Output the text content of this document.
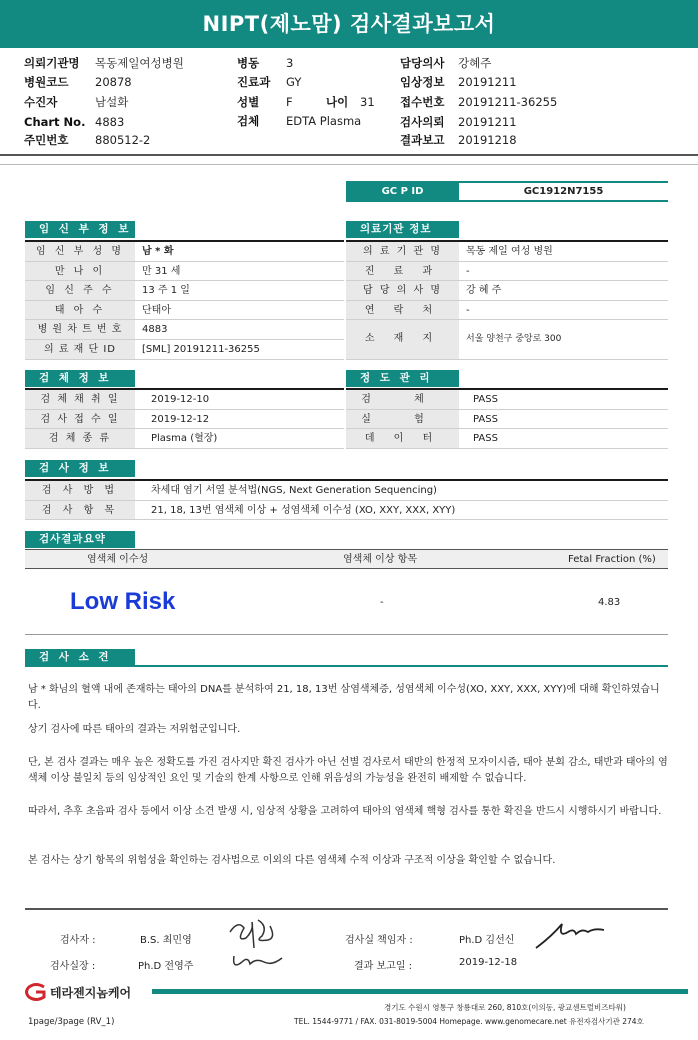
NIPT(제노맘) 검사결과보고서
의뢰기관명 목동제일여성병원
병원코드 20878
수진자	남설화
Chart No. 4883
주민번호 880512-2
병동 3
진료과 GY
성별 F	나이 31
검체 EDTA Plasma
담당의사 강혜주
임상정보 20191211
접수번호 20191211-36255
검사의뢰 20191211
결과보고 20191218
GC P ID	GC1912N7155
임 신 부 정 보
임 신 부 성 명	남 * 화
만 나 이	만 31 세
임 신 주 수	13 주 1 일
태 아 수	단태아
병 원 차 트 번 호	4883
의 료 재 단 ID	[SML] 20191211-36255
의료기관 정보
의 료 기 관 명	목동 제일 여성 병원
진 료 과	-
담 당 의 사 명	강 혜 주
연 락 처	-
소 재 지	서울 양천구 중앙로 300
검 체 정 보
검 체 채 취 일	2019-12-10
검 사 접 수 일	2019-12-12
검 체 종 류	Plasma (혈장)
정 도 관 리
검 체	PASS
실 험	PASS
데 이 터	PASS
검 사 정 보
검 사 방 법	차세대 염기 서열 분석법(NGS, Next Generation Sequencing)
검 사 항 목	21, 18, 13번 염색체 이상 + 성염색체 이수성 (XO, XXY, XXX, XYY)
검사결과요약
염색체 이수성	염색체 이상 항목	Fetal Fraction (%)
Low Risk	-	4.83
검 사 소 견
남 * 화님의 혈액 내에 존재하는 태아의 DNA를 분석하여 21, 18, 13번 삼염색체증, 성염색체 이수성(XO, XXY, XXX, XYY)에 대해 확인하였습니다.
상기 검사에 따른 태아의 결과는 저위험군입니다.
단, 본 검사 결과는 매우 높은 정확도를 가진 검사지만 확진 검사가 아닌 선별 검사로서 태반의 한정적 모자이시즘, 태아 분회 감소, 태반과 태아의 염색체 이상 불일치 등의 임상적인 요인 및 기술의 한계 사항으로 인해 위음성의 가능성을 완전히 배제할 수 없습니다.
따라서, 추후 초음파 검사 등에서 이상 소견 발생 시, 임상적 상황을 고려하여 태아의 염색체 핵형 검사를 통한 확진을 반드시 시행하시기 바랍니다.
본 검사는 상기 항목의 위험성을 확인하는 검사법으로 이외의 다른 염색체 수적 이상과 구조적 이상을 확인할 수 없습니다.
검사자 :	B.S. 최민영	검사실 책임자 :	Ph.D 김선신
검사실장 :	Ph.D 전영주	결과 보고일 :	2019-12-18
테라젠지놈케어
경기도 수원시 영통구 창룡대로 260, 810호(이의동, 광교센트럴비즈타워)
TEL. 1544-9771 / FAX. 031-8019-5004 Homepage. www.genomecare.net 유전자검사기관 274호
1page/3page (RV_1)
